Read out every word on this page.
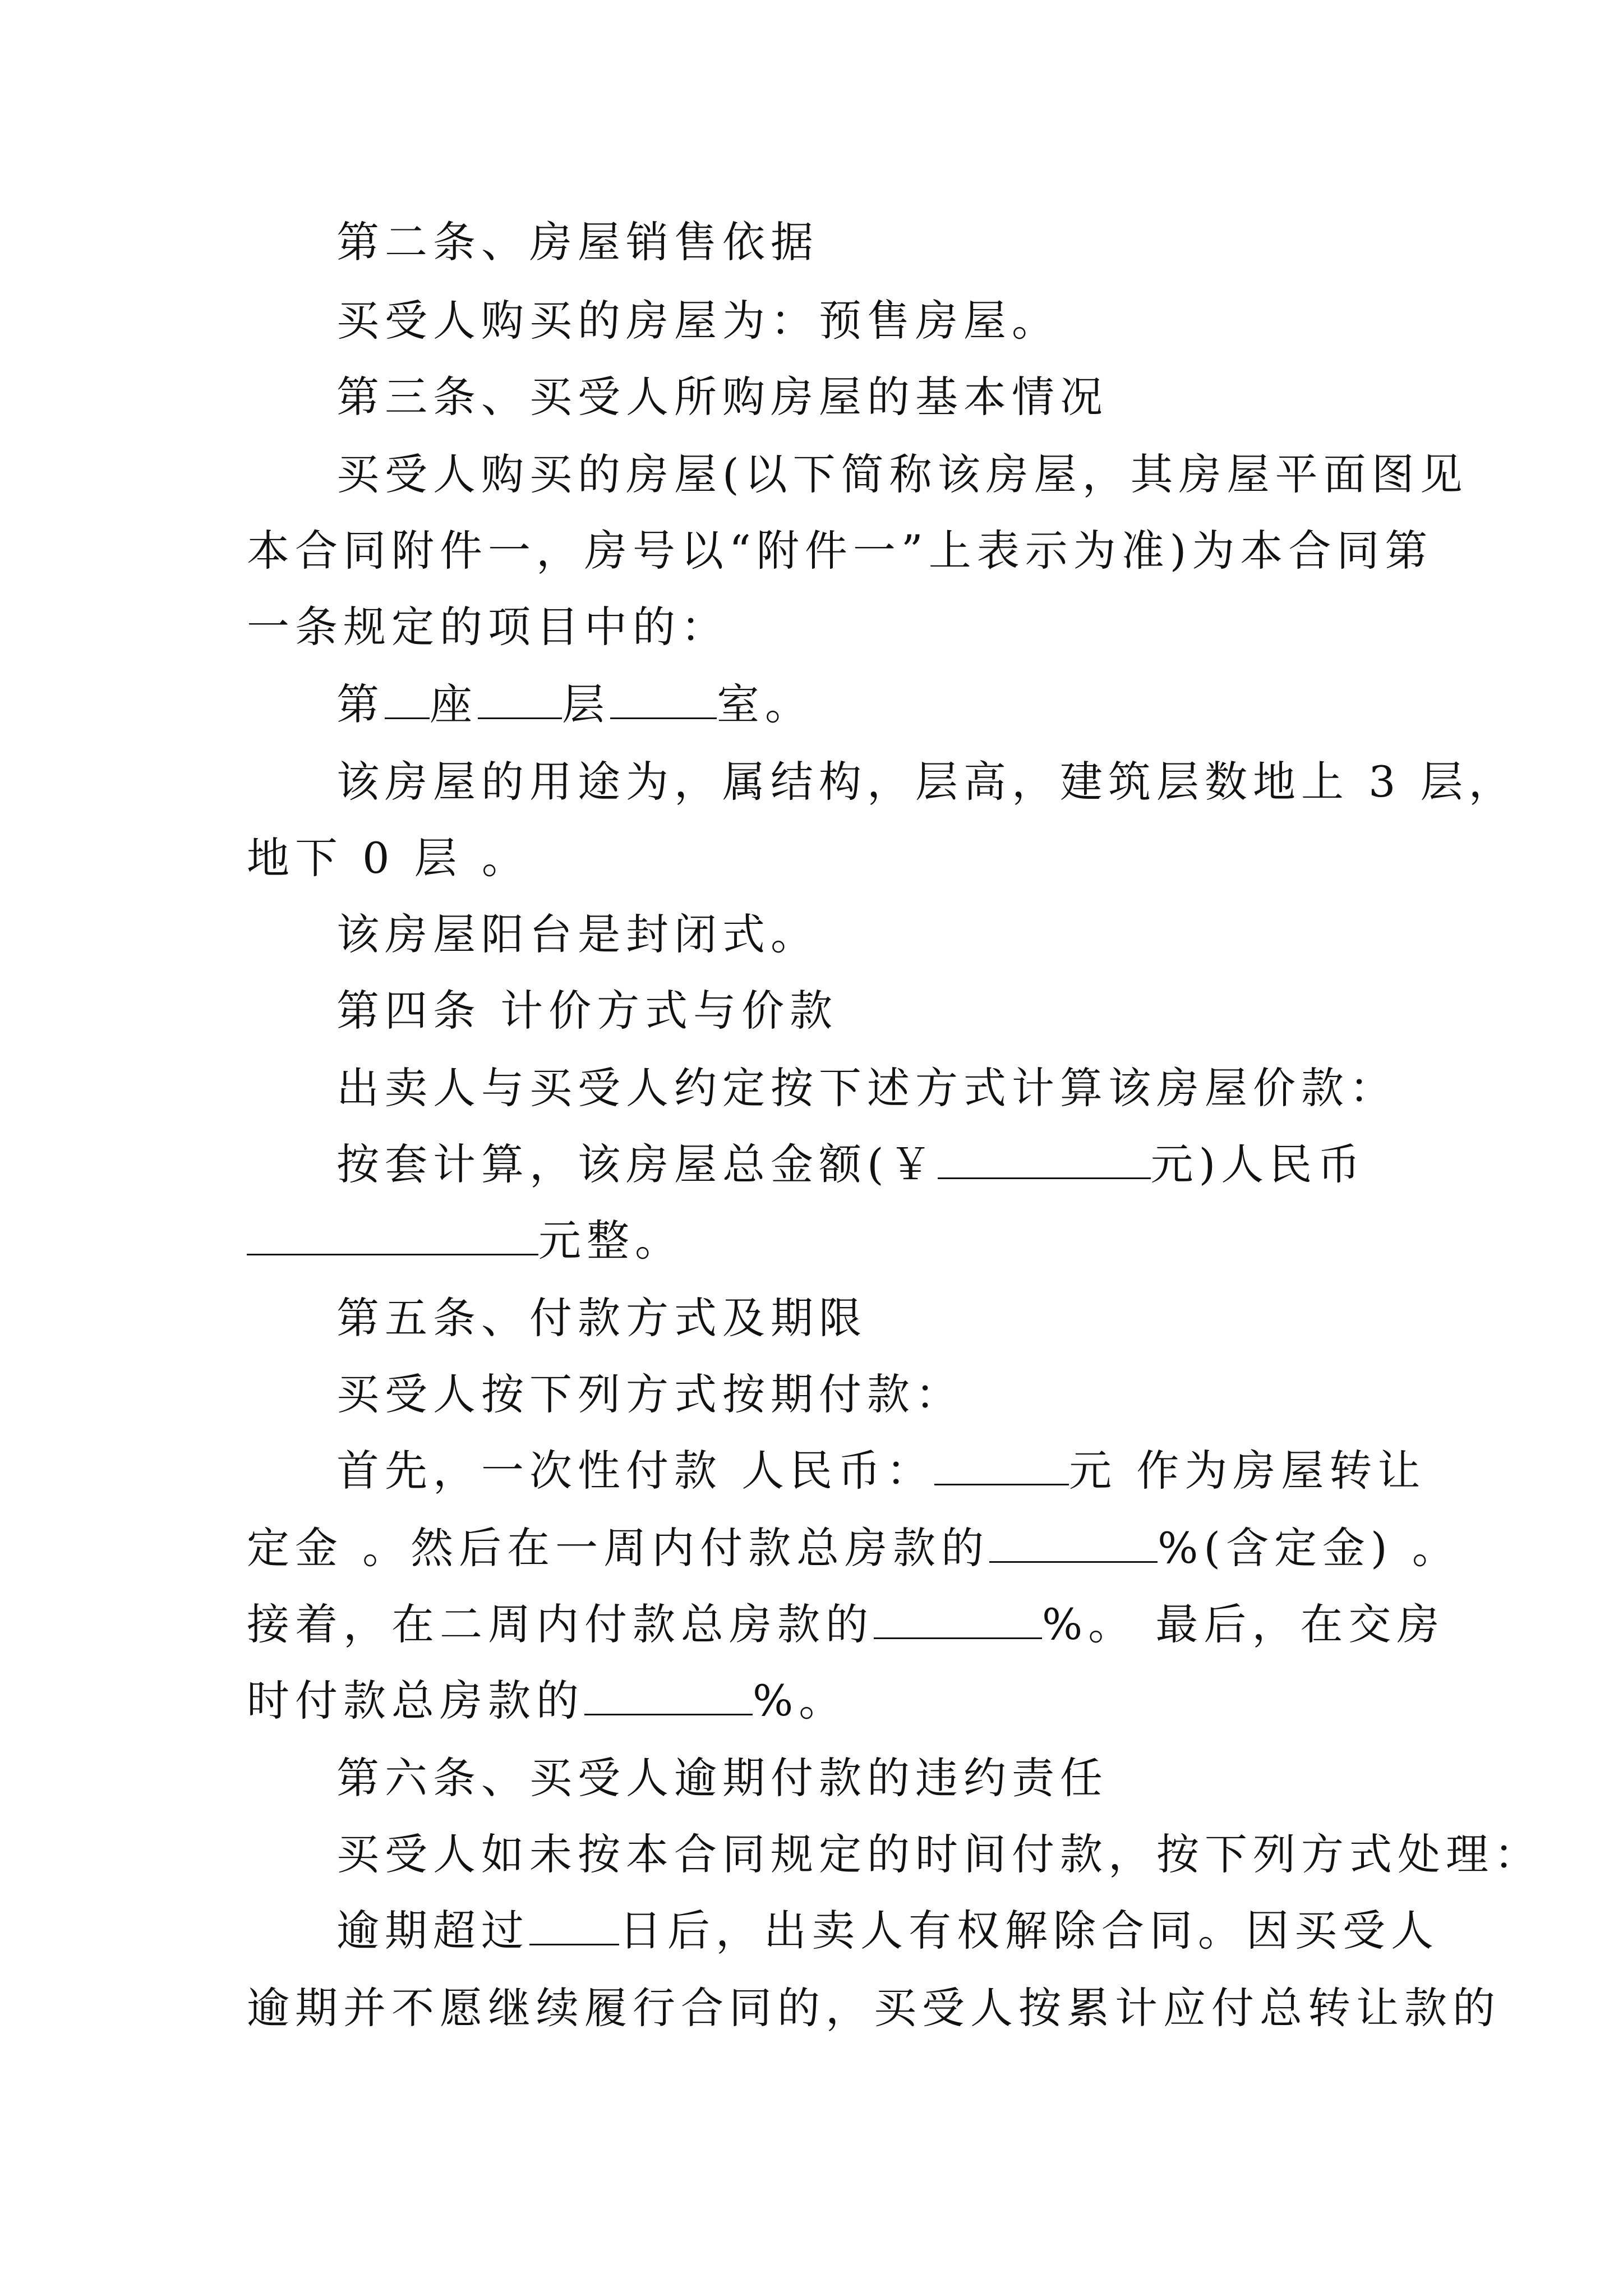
第二条、房屋销售依据
买受人购买的房屋为：预售房屋。
第三条、买受人所购房屋的基本情况
买受人购买的房屋(以下简称该房屋，其房屋平面图见
本合同附件一，房号以“附件一”上表示为准)为本合同第
一条规定的项目中的：
第 座 层	室。
该房屋的用途为，属结构，层高，建筑层数地上 3 层，
地下 0 层 。
该房屋阳台是封闭式。
第四条 计价方式与价款
出卖人与买受人约定按下述方式计算该房屋价款：
按套计算，该房屋总金额(￥	元)人民币
元整。
第五条、付款方式及期限
买受人按下列方式按期付款：
首先，一次性付款 人民币：	元 作为房屋转让
定金 。然后在一周内付款总房款的	%(含定金) 。
接着，在二周内付款总房款的	%。 最后，在交房
时付款总房款的	%。
第六条、买受人逾期付款的违约责任
买受人如未按本合同规定的时间付款，按下列方式处理：
逾期超过 日后，出卖人有权解除合同。因买受人
逾期并不愿继续履行合同的，买受人按累计应付总转让款的
